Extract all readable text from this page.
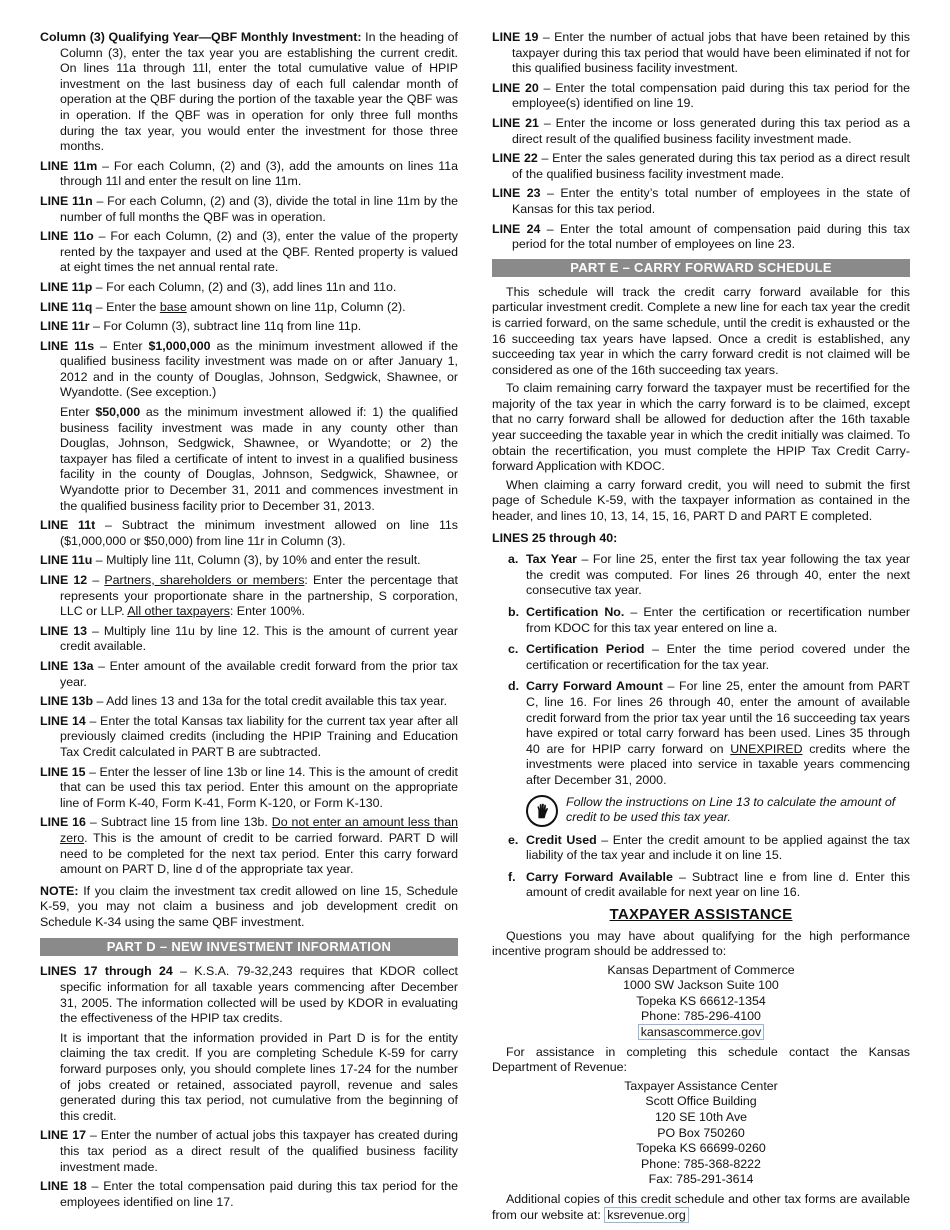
Column (3) Qualifying Year—QBF Monthly Investment: In the heading of Column (3), enter the tax year you are establishing the current credit. On lines 11a through 11l, enter the total cumulative value of HPIP investment on the last business day of each full calendar month of operation at the QBF during the portion of the taxable year the QBF was in operation. If the QBF was in operation for only three full months during the tax year, you would enter the investment for those three months.

LINE 11m – For each Column, (2) and (3), add the amounts on lines 11a through 11l and enter the result on line 11m.

LINE 11n – For each Column, (2) and (3), divide the total in line 11m by the number of full months the QBF was in operation.

LINE 11o – For each Column, (2) and (3), enter the value of the property rented by the taxpayer and used at the QBF. Rented property is valued at eight times the net annual rental rate.

LINE 11p – For each Column, (2) and (3), add lines 11n and 11o.

LINE 11q – Enter the base amount shown on line 11p, Column (2).

LINE 11r – For Column (3), subtract line 11q from line 11p.

LINE 11s – Enter $1,000,000 as the minimum investment allowed if the qualified business facility investment was made on or after January 1, 2012 and in the county of Douglas, Johnson, Sedgwick, Shawnee, or Wyandotte. (See exception.)

Enter $50,000 as the minimum investment allowed if: 1) the qualified business facility investment was made in any county other than Douglas, Johnson, Sedgwick, Shawnee, or Wyandotte; or 2) the taxpayer has filed a certificate of intent to invest in a qualified business facility in the county of Douglas, Johnson, Sedgwick, Shawnee, or Wyandotte prior to December 31, 2011 and commences investment in the qualified business facility prior to December 31, 2013.

LINE 11t – Subtract the minimum investment allowed on line 11s ($1,000,000 or $50,000) from line 11r in Column (3).

LINE 11u – Multiply line 11t, Column (3), by 10% and enter the result.

LINE 12 – Partners, shareholders or members: Enter the percentage that represents your proportionate share in the partnership, S corporation, LLC or LLP. All other taxpayers: Enter 100%.

LINE 13 – Multiply line 11u by line 12. This is the amount of current year credit available.

LINE 13a – Enter amount of the available credit forward from the prior tax year.

LINE 13b – Add lines 13 and 13a for the total credit available this tax year.

LINE 14 – Enter the total Kansas tax liability for the current tax year after all previously claimed credits (including the HPIP Training and Education Tax Credit calculated in PART B are subtracted.

LINE 15 – Enter the lesser of line 13b or line 14. This is the amount of credit that can be used this tax period. Enter this amount on the appropriate line of Form K-40, Form K-41, Form K-120, or Form K-130.

LINE 16 – Subtract line 15 from line 13b. Do not enter an amount less than zero. This is the amount of credit to be carried forward. PART D will need to be completed for the next tax period. Enter this carry forward amount on PART D, line d of the appropriate tax year.

NOTE: If you claim the investment tax credit allowed on line 15, Schedule K-59, you may not claim a business and job development credit on Schedule K-34 using the same QBF investment.

PART D – NEW INVESTMENT INFORMATION

LINES 17 through 24 – K.S.A. 79-32,243 requires that KDOR collect specific information for all taxable years commencing after December 31, 2005. The information collected will be used by KDOR in evaluating the effectiveness of the HPIP tax credits.

It is important that the information provided in Part D is for the entity claiming the tax credit. If you are completing Schedule K-59 for carry forward purposes only, you should complete lines 17-24 for the number of jobs created or retained, associated payroll, revenue and sales generated during this tax period, not cumulative from the beginning of this credit.

LINE 17 – Enter the number of actual jobs this taxpayer has created during this tax period as a direct result of the qualified business facility investment made.

LINE 18 – Enter the total compensation paid during this tax period for the employees identified on line 17.

LINE 19 – Enter the number of actual jobs that have been retained by this taxpayer during this tax period that would have been eliminated if not for this qualified business facility investment.

LINE 20 – Enter the total compensation paid during this tax period for the employee(s) identified on line 19.

LINE 21 – Enter the income or loss generated during this tax period as a direct result of the qualified business facility investment made.

LINE 22 – Enter the sales generated during this tax period as a direct result of the qualified business facility investment made.

LINE 23 – Enter the entity’s total number of employees in the state of Kansas for this tax period.

LINE 24 – Enter the total amount of compensation paid during this tax period for the total number of employees on line 23.

PART E – CARRY FORWARD SCHEDULE

This schedule will track the credit carry forward available for this particular investment credit. Complete a new line for each tax year the credit is carried forward, on the same schedule, until the credit is exhausted or the 16 succeeding tax years have lapsed. Once a credit is established, any succeeding tax year in which the carry forward credit is not claimed will be considered as one of the 16th succeeding tax years.

To claim remaining carry forward the taxpayer must be recertified for the majority of the tax year in which the carry forward is to be claimed, except that no carry forward shall be allowed for deduction after the 16th taxable year succeeding the taxable year in which the credit initially was claimed. To obtain the recertification, you must complete the HPIP Tax Credit Carry-forward Application with KDOC.

When claiming a carry forward credit, you will need to submit the first page of Schedule K-59, with the taxpayer information as contained in the header, and lines 10, 13, 14, 15, 16, PART D and PART E completed.

LINES 25 through 40:
a. Tax Year – For line 25, enter the first tax year following the tax year the credit was computed. For lines 26 through 40, enter the next consecutive tax year.
b. Certification No. – Enter the certification or recertification number from KDOC for this tax year entered on line a.
c. Certification Period – Enter the time period covered under the certification or recertification for the tax year.
d. Carry Forward Amount – For line 25, enter the amount from PART C, line 16. For lines 26 through 40, enter the amount of available credit forward from the prior tax year until the 16 succeeding tax years have expired or total carry forward has been used. Lines 35 through 40 are for HPIP carry forward on UNEXPIRED credits where the investments were placed into service in taxable years commencing after December 31, 2000.
Follow the instructions on Line 13 to calculate the amount of credit to be used this tax year.
e. Credit Used – Enter the credit amount to be applied against the tax liability of the tax year and include it on line 15.
f. Carry Forward Available – Subtract line e from line d. Enter this amount of credit available for next year on line 16.
TAXPAYER ASSISTANCE

Questions you may have about qualifying for the high performance incentive program should be addressed to:

Kansas Department of Commerce

1000 SW Jackson Suite 100

Topeka KS 66612-1354

Phone: 785-296-4100

kansascommerce.gov

For assistance in completing this schedule contact the Kansas Department of Revenue:

Taxpayer Assistance Center

Scott Office Building

120 SE 10th Ave

PO Box 750260

Topeka KS 66699-0260

Phone: 785-368-8222

Fax: 785-291-3614

Additional copies of this credit schedule and other tax forms are available from our website at: ksrevenue.org
